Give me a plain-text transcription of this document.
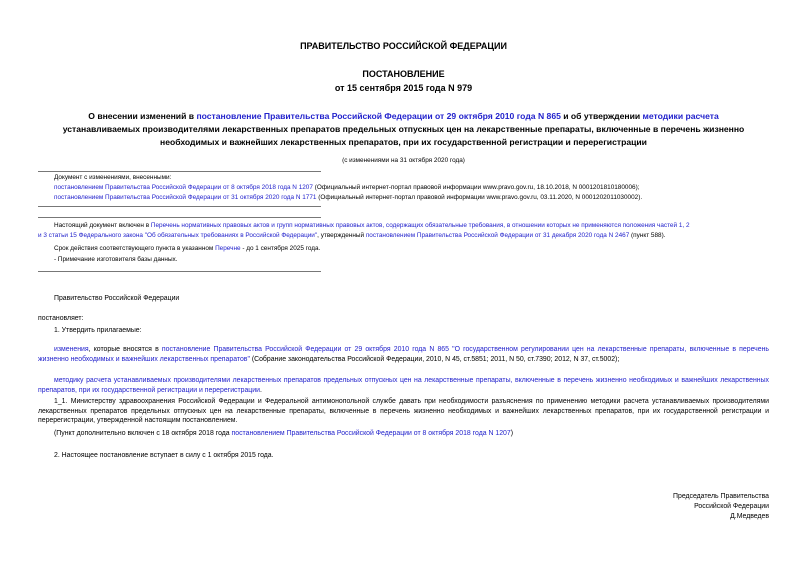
ПРАВИТЕЛЬСТВО РОССИЙСКОЙ ФЕДЕРАЦИИ
ПОСТАНОВЛЕНИЕ
от 15 сентября 2015 года N 979
О внесении изменений в постановление Правительства Российской Федерации от 29 октября 2010 года N 865 и об утверждении методики расчета
устанавливаемых производителями лекарственных препаратов предельных отпускных цен на лекарственные препараты, включенные в перечень жизненно
необходимых и важнейших лекарственных препаратов, при их государственной регистрации и перерегистрации
(с изменениями на 31 октября 2020 года)
Документ с изменениями, внесенными:
постановлением Правительства Российской Федерации от 8 октября 2018 года N 1207 (Официальный интернет-портал правовой информации www.pravo.gov.ru, 18.10.2018, N 0001201810180006);
постановлением Правительства Российской Федерации от 31 октября 2020 года N 1771 (Официальный интернет-портал правовой информации www.pravo.gov.ru, 03.11.2020, N 0001202011030002).
Настоящий документ включен в Перечень нормативных правовых актов и групп нормативных правовых актов, содержащих обязательные требования, в отношении которых не применяются положения частей 1, 2
и 3 статьи 15 Федерального закона "Об обязательных требованиях в Российской Федерации", утвержденный постановлением Правительства Российской Федерации от 31 декабря 2020 года N 2467 (пункт 588).
Срок действия соответствующего пункта в указанном Перечне - до 1 сентября 2025 года.
- Примечание изготовителя базы данных.
Правительство Российской Федерации
постановляет:
1. Утвердить прилагаемые:
изменения, которые вносятся в постановление Правительства Российской Федерации от 29 октября 2010 года N 865 "О государственном регулировании цен на лекарственные препараты, включенные в перечень жизненно необходимых и важнейших лекарственных препаратов" (Собрание законодательства Российской Федерации, 2010, N 45, ст.5851; 2011, N 50, ст.7390; 2012, N 37, ст.5002);
методику расчета устанавливаемых производителями лекарственных препаратов предельных отпускных цен на лекарственные препараты, включенные в перечень жизненно необходимых и важнейших лекарственных препаратов, при их государственной регистрации и перерегистрации.
1_1. Министерству здравоохранения Российской Федерации и Федеральной антимонопольной службе давать при необходимости разъяснения по применению методики расчета устанавливаемых производителями лекарственных препаратов предельных отпускных цен на лекарственные препараты, включенные в перечень жизненно необходимых и важнейших лекарственных препаратов, при их государственной регистрации и перерегистрации, утвержденной настоящим постановлением.
(Пункт дополнительно включен с 18 октября 2018 года постановлением Правительства Российской Федерации от 8 октября 2018 года N 1207)
2. Настоящее постановление вступает в силу с 1 октября 2015 года.
Председатель Правительства
Российской Федерации
Д.Медведев
